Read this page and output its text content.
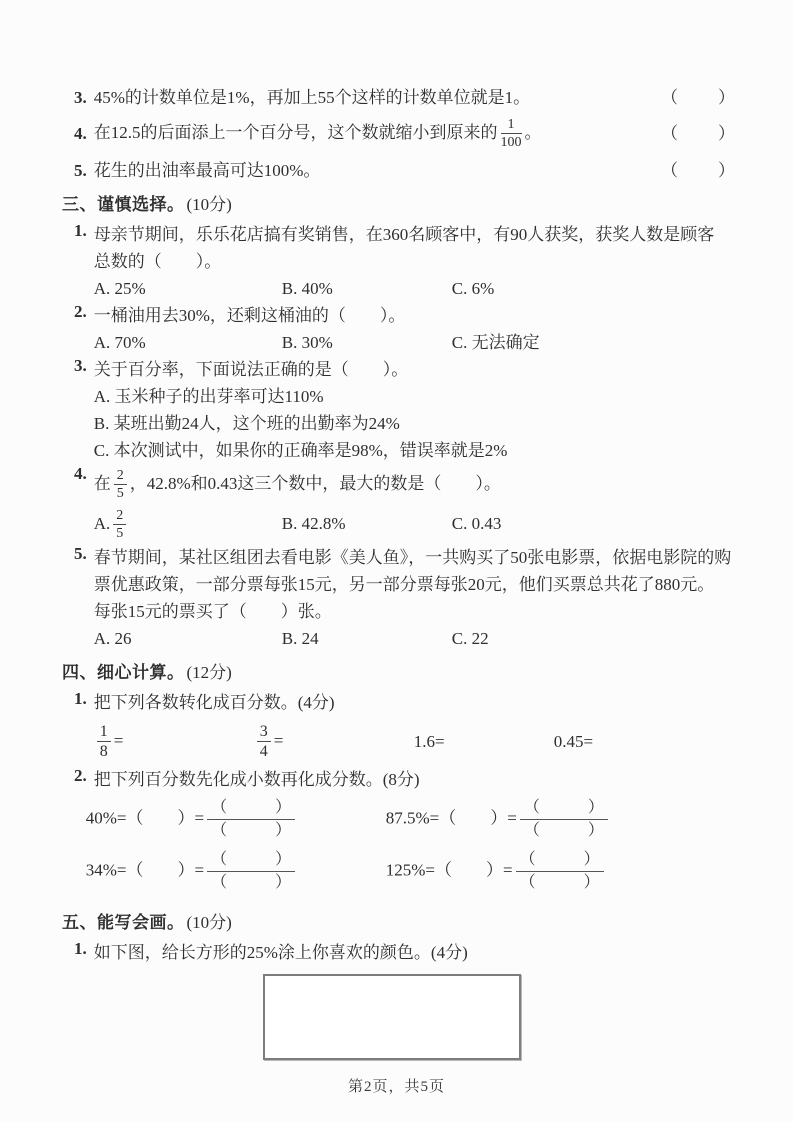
3. 45%的计数单位是1%，再加上55个这样的计数单位就是1。	（　　）
4. 在12.5的后面添上一个百分号，这个数就缩小到原来的 $\frac{1}{100}$ 。	（　　）
5. 花生的出油率最高可达100%。	（　　）
三、谨慎选择。 (10分)
1. 母亲节期间，乐乐花店搞有奖销售，在360名顾客中，有90人获奖，获奖人数是顾客
总数的（　　）。
A. 25%	B. 40%	C. 6%
2. 一桶油用去30%，还剩这桶油的（　　）。
A. 70%	B. 30%	C. 无法确定
3. 关于百分率，下面说法正确的是（　　）。
A. 玉米种子的出芽率可达110%
B. 某班出勤24人，这个班的出勤率为24%
C. 本次测试中，如果你的正确率是98%，错误率就是2%
4.
在 $\frac{2}{5}$ ，42.8%和0.43这三个数中，最大的数是（　　）。
A. $\frac{2}{5}$	B. 42.8%	C. 0.43
5. 春节期间，某社区组团去看电影《美人鱼》，一共购买了50张电影票，依据电影院的购
票优惠政策，一部分票每张15元，另一部分票每张20元，他们买票总共花了880元。
每张15元的票买了（　　）张。
A. 26	B. 24	C. 22
四、细心计算。 (12分)
1. 把下列各数转化成百分数。(4分)
$\frac{1}{8}$ =	$\frac{3}{4}$ =	1.6=	0.45=
2. 把下列百分数先化成小数再化成分数。(8分)
40%=（　　）=
（　　　）
（　　　）
87.5%=（　　）=
（　　　）
（　　　）
34%=（　　）=
（　　　）
（　　　）
125%=（　　）=
（　　　）
（　　　）
五、能写会画。 (10分)
1. 如下图，给长方形的25%涂上你喜欢的颜色。(4分)
第2页，共5页
